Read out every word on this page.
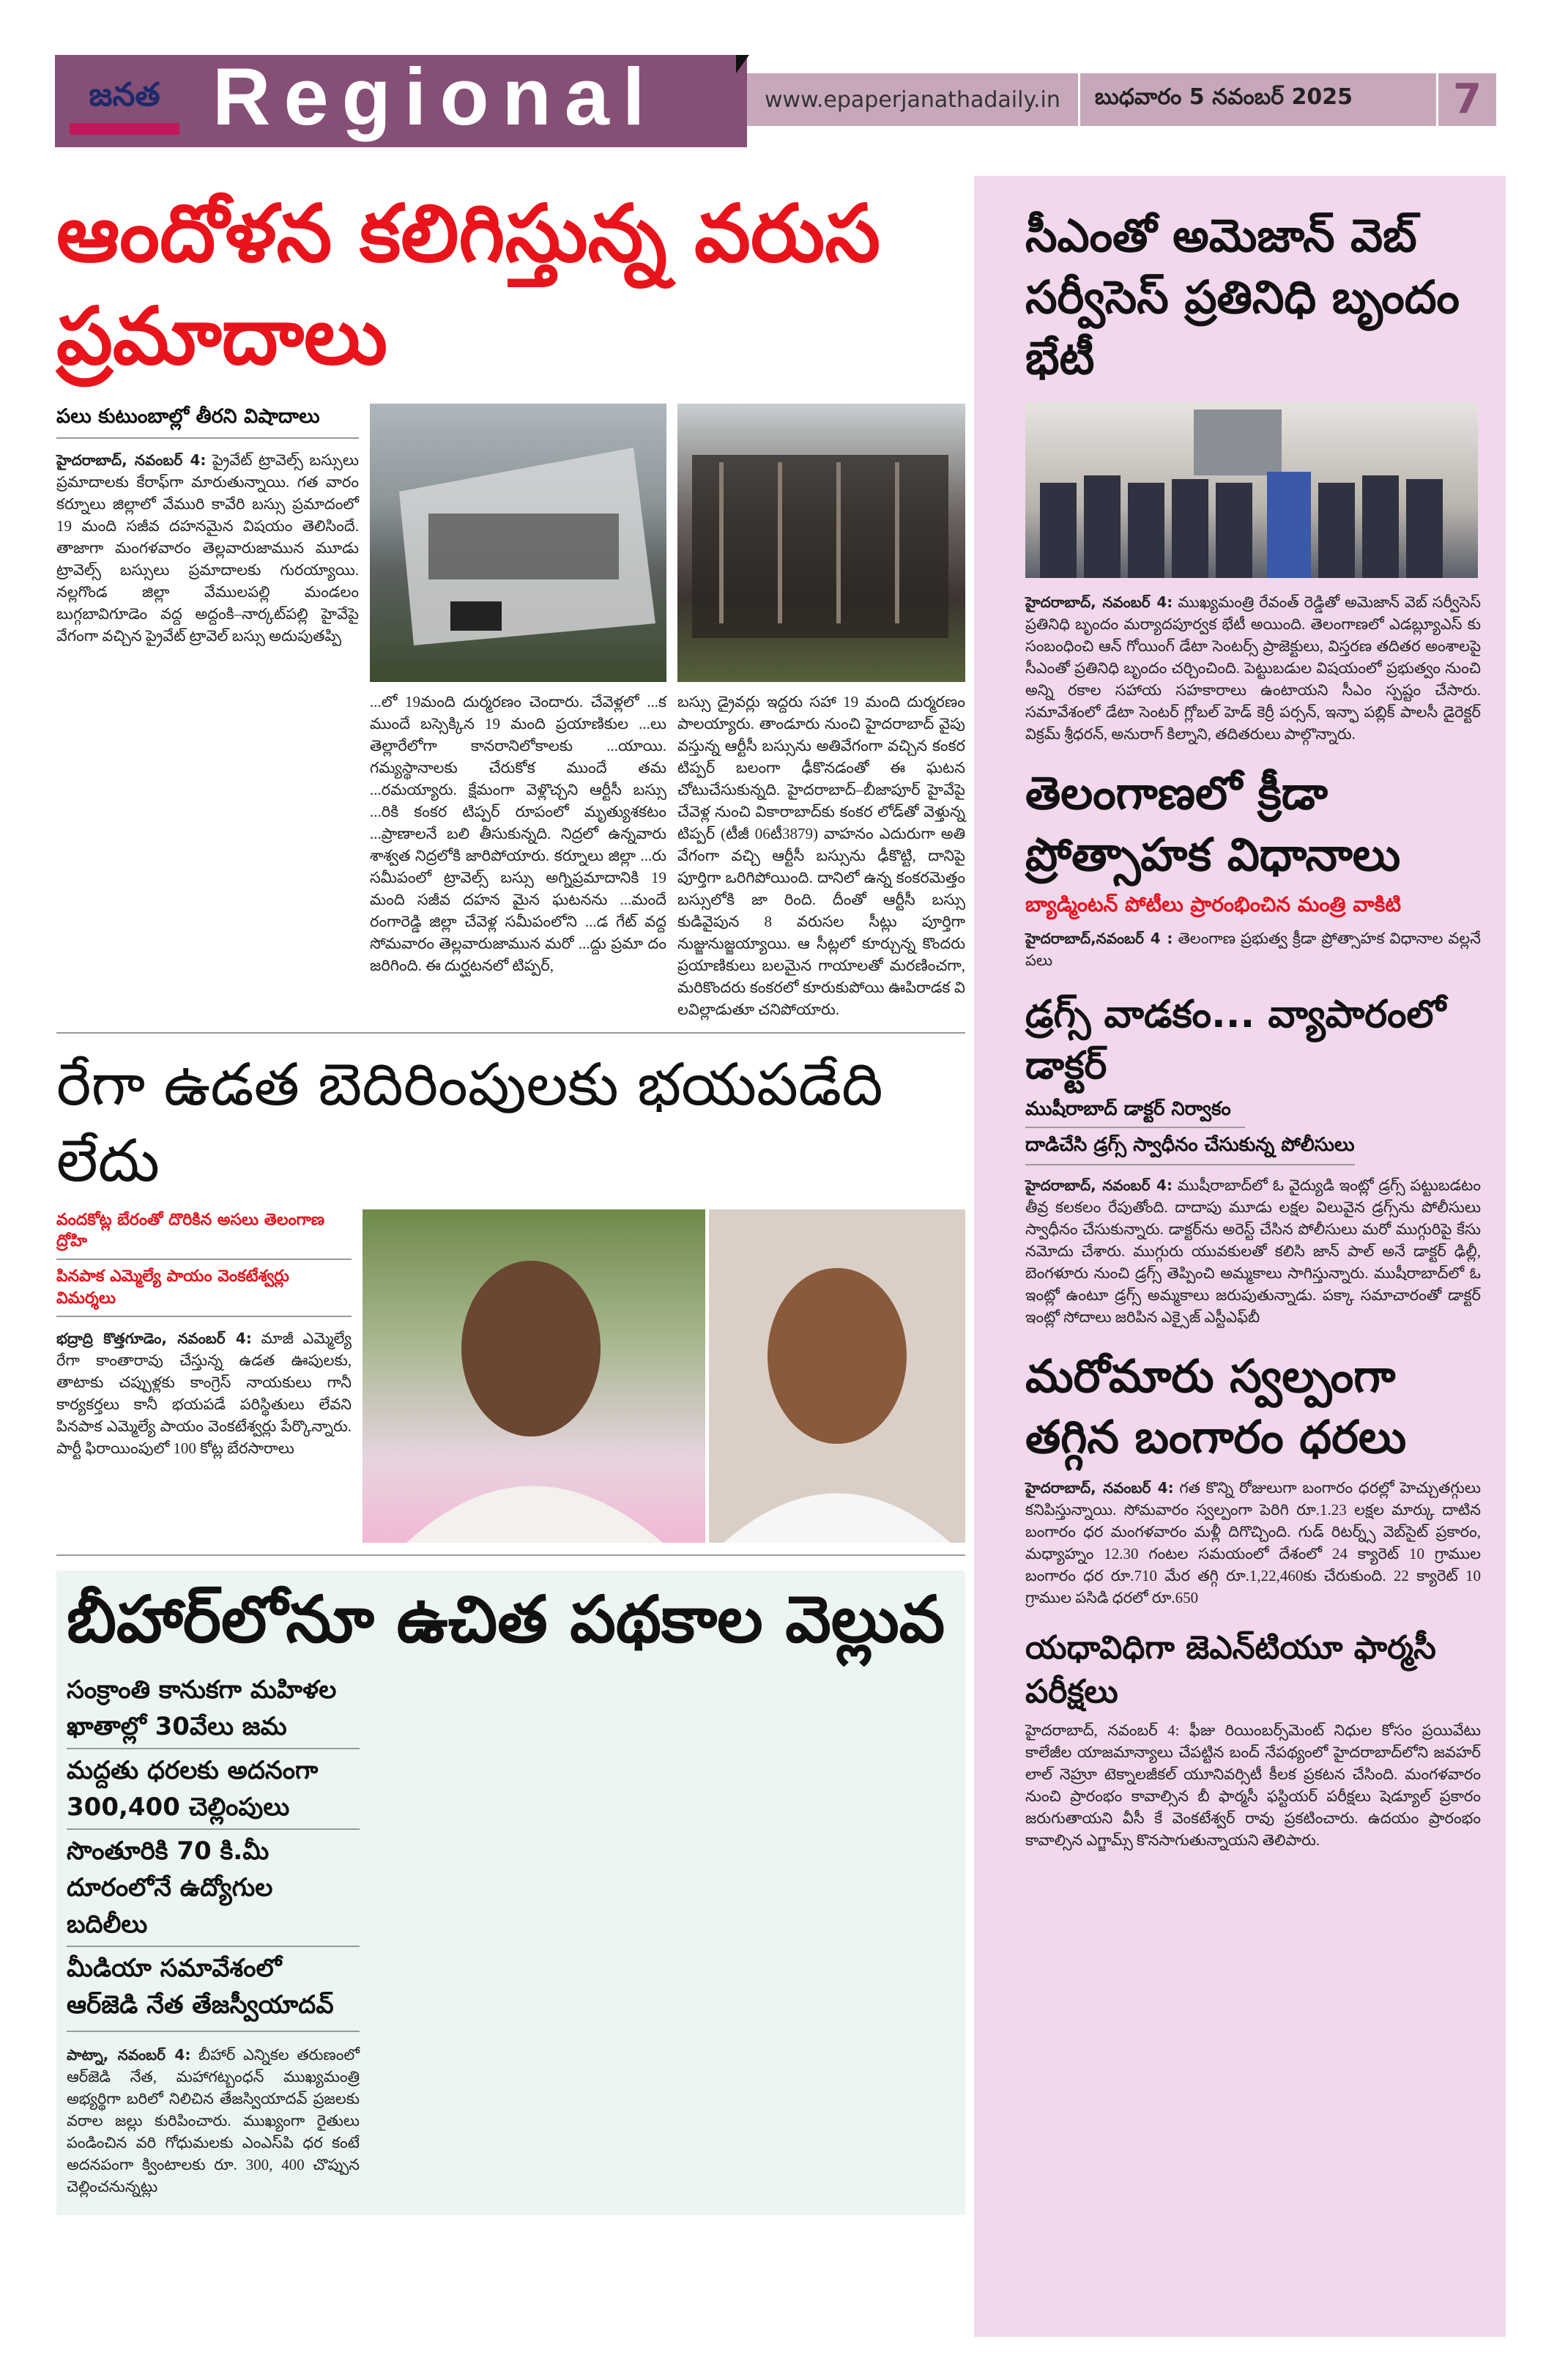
జనత Regional	www.epaperjanathadaily.in	బుధవారం 5 నవంబర్ 2025	7
ఆందోళన కలిగిస్తున్న వరుస ప్రమాదాలు
పలు కుటుంబాల్లో తీరని విషాదాలు

హైదరాబాద్, నవంబర్ 4: ప్రైవేట్ ట్రావెల్స్ బస్సులు ప్రమాదాలకు కేరాఫ్‌గా మారుతున్నాయి. గత వారం కర్నూలు జిల్లాలో వేమురి కావేరి బస్సు ప్రమాదంలో 19 మంది సజీవ దహనమైన విషయం తెలిసిందే. తాజాగా మంగళవారం తెల్లవారుజామున మూడు ట్రావెల్స్ బస్సులు ప్రమాదాలకు గురయ్యాయి. నల్లగొండ జిల్లా వేములపల్లి మండలం బుగ్గబావిగూడెం వద్ద అద్దంకి–నార్కట్‌పల్లి హైవేపై వేగంగా వచ్చిన ప్రైవేట్ ట్రావెల్ బస్సు అదుపుతప్పి

...లో 19మంది దుర్మరణం చెందారు. చేవెళ్లలో ...క ముందే బస్సెక్కిన 19 మంది ప్రయాణికుల ...లు తెల్లారేలోగా కానరానిలోకాలకు ...యాయి. గమ్యస్థానాలకు చేరుకోక ముందే తమ ...రమయ్యారు. క్షేమంగా వెళ్లొచ్చని ఆర్టీసీ బస్సు ...రికి కంకర టిప్పర్ రూపంలో మృత్యుశకటం ...ప్రాణాలనే బలి తీసుకున్నది. నిద్రలో ఉన్నవారు శాశ్వత నిద్రలోకి జారిపోయారు. కర్నూలు జిల్లా ...రు సమీపంలో ట్రావెల్స్ బస్సు అగ్నిప్రమాదానికి 19 మంది సజీవ దహన మైన ఘటనను ...మందే రంగారెడ్డి జిల్లా చేవెళ్ల సమీపంలోని ...డ గేట్ వద్ద సోమవారం తెల్లవారుజామున మరో ...ద్దు ప్రమా దం జరిగింది. ఈ దుర్ఘటనలో టిప్పర్,

బస్సు డ్రైవర్లు ఇద్దరు సహా 19 మంది దుర్మరణం పాలయ్యారు. తాండూరు నుంచి హైదరాబాద్ వైపు వస్తున్న ఆర్టీసీ బస్సును అతివేగంగా వచ్చిన కంకర టిప్పర్ బలంగా ఢీకొనడంతో ఈ ఘటన చోటుచేసుకున్నది. హైదరాబాద్–బీజాపూర్ హైవేపై చేవెళ్ల నుంచి వికారాబాద్‌కు కంకర లోడ్‌తో వెళ్తున్న టిప్పర్ (టీజీ 06టీ3879) వాహనం ఎదురుగా అతి వేగంగా వచ్చి ఆర్టీసీ బస్సును ఢీకొట్టి, దానిపై పూర్తిగా ఒరిగిపోయింది. దానిలో ఉన్న కంకరమెత్తం బస్సులోకి జా రింది. దీంతో ఆర్టీసీ బస్సు కుడివైపున 8 వరుసల సీట్లు పూర్తిగా నుజ్జునుజ్జయ్యాయి. ఆ సీట్లలో కూర్చున్న కొందరు ప్రయాణికులు బలమైన గాయాలతో మరణించగా, మరికొందరు కంకరలో కూరుకుపోయి ఊపిరాడక వి లవిల్లాడుతూ చనిపోయారు.

రేగా ఉడత బెదిరింపులకు భయపడేది లేదు
వందకోట్ల బేరంతో దొరికిన అసలు తెలంగాణ ద్రోహి
పినపాక ఎమ్మెల్యే పాయం వెంకటేశ్వర్లు విమర్శలు

భద్రాద్రి కొత్తగూడెం, నవంబర్ 4: మాజీ ఎమ్మెల్యే రేగా కాంతారావు చేస్తున్న ఉడత ఊపులకు, తాటాకు చప్పుళ్లకు కాంగ్రెస్ నాయకులు గానీ కార్యకర్తలు కానీ భయపడే పరిస్థితులు లేవని పినపాక ఎమ్మెల్యే పాయం వెంకటేశ్వర్లు పేర్కొన్నారు. పార్టీ ఫిరాయింపులో 100 కోట్ల బేరసారాలు

బీహార్‌లోనూ ఉచిత పథకాల వెల్లువ
సంక్రాంతి కానుకగా మహిళల ఖాతాల్లో 30వేలు జమ
మద్దతు ధరలకు అదనంగా 300,400 చెల్లింపులు
సొంతూరికి 70 కి.మీ దూరంలోనే ఉద్యోగుల బదిలీలు
మీడియా సమావేశంలో ఆర్‌జెడి నేత తేజస్వీయాదవ్

పాట్నా, నవంబర్ 4: బీహార్ ఎన్నికల తరుణంలో ఆర్‌జెడి నేత, మహాగట్బంధన్ ముఖ్యమంత్రి అభ్యర్థిగా బరిలో నిలిచిన తేజస్వియాదవ్ ప్రజలకు వరాల జల్లు కురిపించారు. ముఖ్యంగా రైతులు పండించిన వరి గోధుమలకు ఎంఎస్‌పి ధర కంటే అదనపంగా క్వింటాలకు రూ. 300, 400 చొప్పున చెల్లించనున్నట్లు

సీఎంతో అమెజాన్ వెబ్ సర్వీసెస్ ప్రతినిధి బృందం భేటీ

హైదరాబాద్, నవంబర్ 4: ముఖ్యమంత్రి రేవంత్ రెడ్డితో అమెజాన్ వెబ్ సర్వీసెస్ ప్రతినిధి బృందం మర్యాదపూర్వక భేటీ అయింది. తెలంగాణలో ఎడబ్ల్యూఎస్ కు సంబంధించి ఆన్ గోయింగ్ డేటా సెంటర్స్ ప్రాజెక్టులు, విస్తరణ తదితర అంశాలపై సీఎంతో ప్రతినిధి బృందం చర్చించింది. పెట్టుబడుల విషయంలో ప్రభుత్వం నుంచి అన్ని రకాల సహాయ సహకారాలు ఉంటాయని సీఎం స్పష్టం చేసారు. సమావేశంలో డేటా సెంటర్ గ్లోబల్ హెడ్ కెర్రీ పర్సన్, ఇన్ఫా పబ్లిక్ పాలసీ డైరెక్టర్ విక్రమ్ శ్రీధరన్, అనురాగ్ కిల్నాని, తదితరులు పాల్గొన్నారు.

తెలంగాణలో క్రీడా ప్రోత్సాహక విధానాలు
బ్యాడ్మింటన్ పోటీలు ప్రారంభించిన మంత్రి వాకిటి

హైదరాబాద్,నవంబర్ 4 : తెలంగాణ ప్రభుత్వ క్రీడా ప్రోత్సాహక విధానాల వల్లనే పలు

డ్రగ్స్ వాడకం... వ్యాపారంలో డాక్టర్
ముషీరాబాద్ డాక్టర్ నిర్వాకం
దాడిచేసి డ్రగ్స్ స్వాధీనం చేసుకున్న పోలీసులు

హైదరాబాద్, నవంబర్ 4: ముషీరాబాద్‌లో ఓ వైద్యుడి ఇంట్లో డ్రగ్స్ పట్టుబడటం తీవ్ర కలకలం రేపుతోంది. దాదాపు మూడు లక్షల విలువైన డ్రగ్స్‌ను పోలీసులు స్వాధీనం చేసుకున్నారు. డాక్టర్‌ను అరెస్ట్ చేసిన పోలీసులు మరో ముగ్గురిపై కేసు నమోదు చేశారు. ముగ్గురు యువకులతో కలిసి జాన్ పాల్ అనే డాక్టర్ ఢిల్లీ, బెంగళూరు నుంచి డ్రగ్స్ తెప్పించి అమ్మకాలు సాగిస్తున్నారు. ముషీరాబాద్‌లో ఓ ఇంట్లో ఉంటూ డ్రగ్స్ అమ్మకాలు జరుపుతున్నాడు. పక్కా సమాచారంతో డాక్టర్ ఇంట్లో సోదాలు జరిపిన ఎక్సైజ్ ఎస్టీఎఫ్‌బీ

మరోమారు స్వల్పంగా తగ్గిన బంగారం ధరలు

హైదరాబాద్, నవంబర్ 4: గత కొన్ని రోజులుగా బంగారం ధరల్లో హెచ్చుతగ్గులు కనిపిస్తున్నాయి. సోమవారం స్వల్పంగా పెరిగి రూ.1.23 లక్షల మార్కు దాటిన బంగారం ధర మంగళవారం మళ్లీ దిగొచ్చింది. గుడ్ రిటర్న్స్ వెబ్‌సైట్ ప్రకారం, మధ్యాహ్నం 12.30 గంటల సమయంలో దేశంలో 24 క్యారెట్ 10 గ్రాముల బంగారం ధర రూ.710 మేర తగ్గి రూ.1,22,460కు చేరుకుంది. 22 క్యారెట్ 10 గ్రాముల పసిడి ధరలో రూ.650

యధావిధిగా జెఎన్‌టియూ ఫార్మసీ పరీక్షలు

హైదరాబాద్, నవంబర్ 4: ఫీజు రియింబర్స్‌మెంట్ నిధుల కోసం ప్రయివేటు కాలేజీల యాజమాన్యాలు చేపట్టిన బంద్ నేపథ్యంలో హైదరాబాద్‌లోని జవహర్ లాల్ నెహ్రూ టెక్నాలజీకల్ యూనివర్సిటీ కీలక ప్రకటన చేసింది. మంగళవారం నుంచి ప్రారంభం కావాల్సిన బీ ఫార్మసీ ఫస్టియర్ పరీక్షలు షెడ్యూల్ ప్రకారం జరుగుతాయని వీసీ కే వెంకటేశ్వర్ రావు ప్రకటించారు. ఉదయం ప్రారంభం కావాల్సిన ఎగ్జామ్స్ కొనసాగుతున్నాయని తెలిపారు.
